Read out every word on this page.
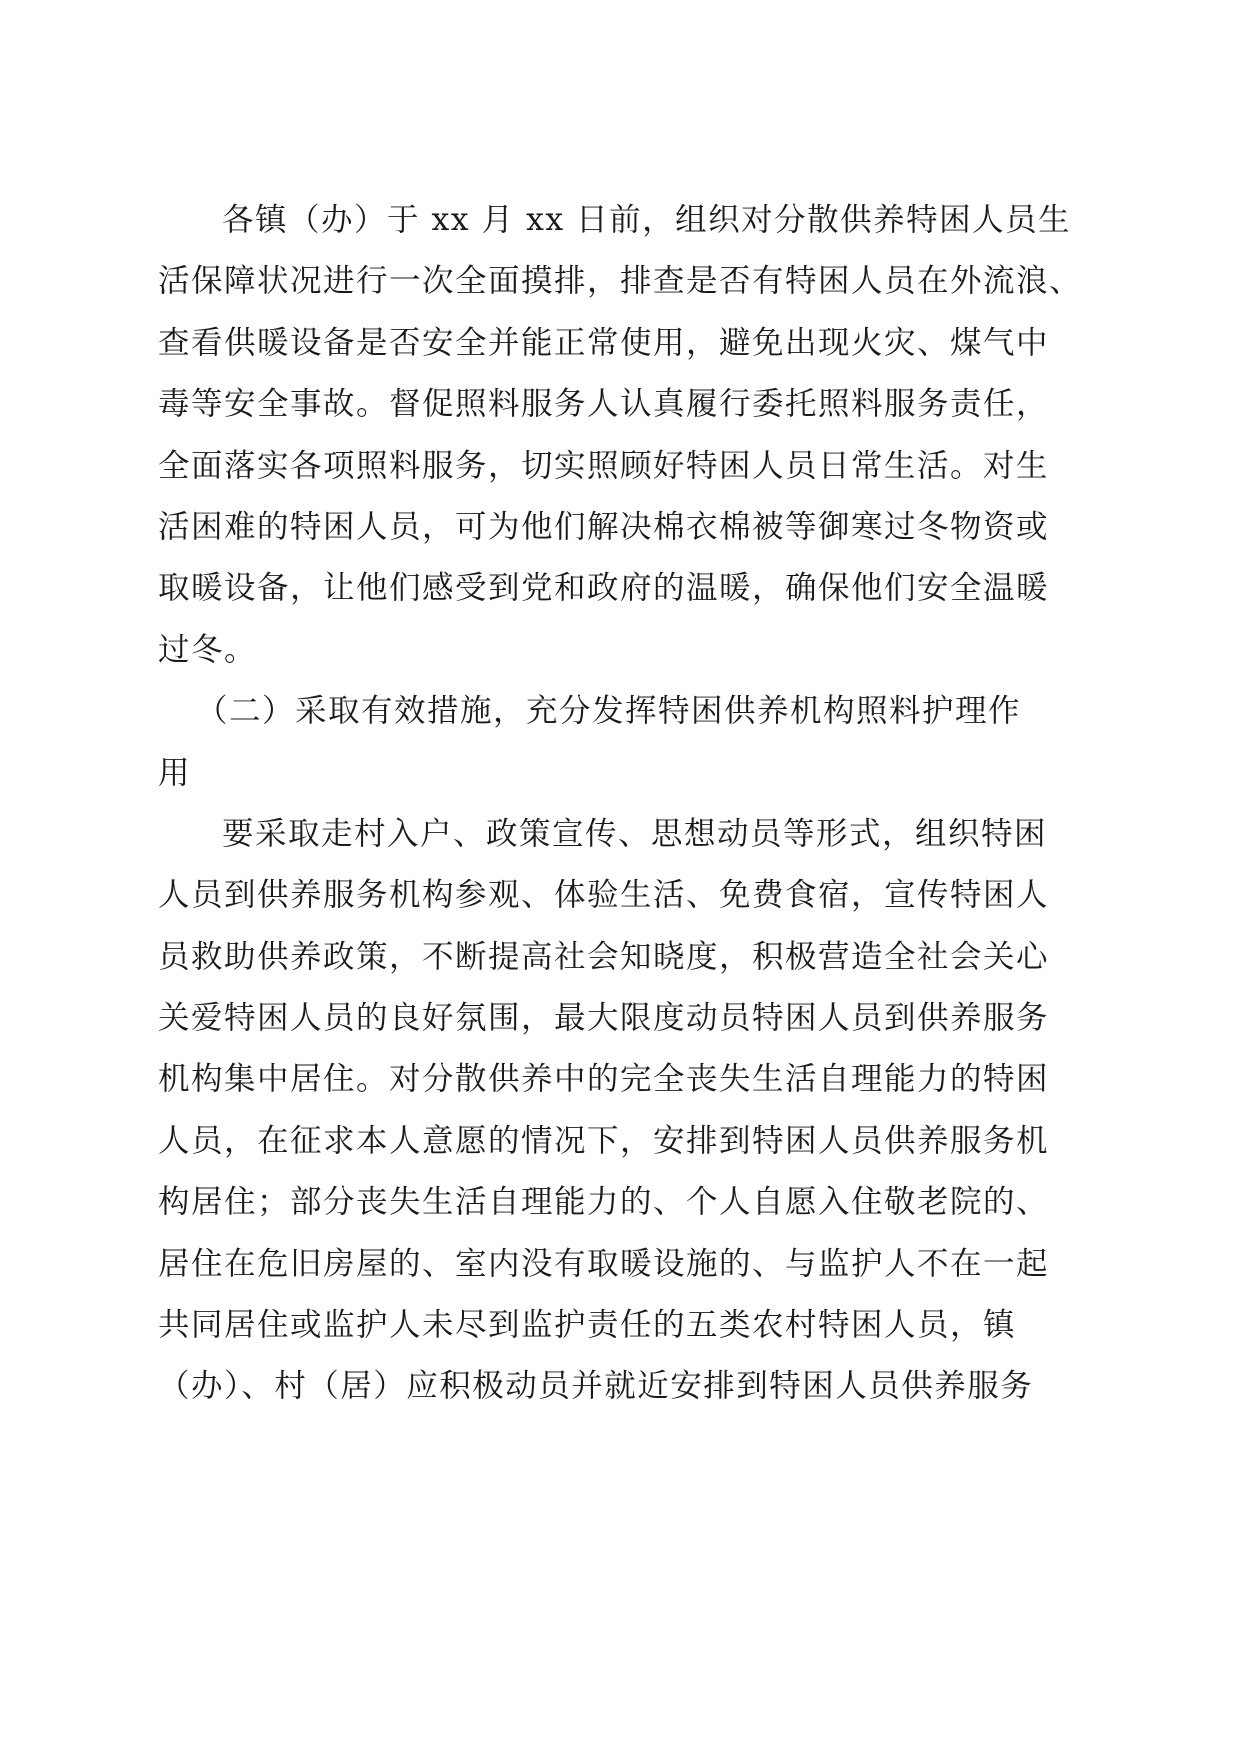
各镇（办）于 xx 月 xx 日前，组织对分散供养特困人员生
活保障状况进行一次全面摸排，排查是否有特困人员在外流浪、
查看供暖设备是否安全并能正常使用，避免出现火灾、煤气中
毒等安全事故。督促照料服务人认真履行委托照料服务责任，
全面落实各项照料服务，切实照顾好特困人员日常生活。对生
活困难的特困人员，可为他们解决棉衣棉被等御寒过冬物资或
取暖设备，让他们感受到党和政府的温暖，确保他们安全温暖
过冬。
（二）采取有效措施，充分发挥特困供养机构照料护理作
用
要采取走村入户、政策宣传、思想动员等形式，组织特困
人员到供养服务机构参观、体验生活、免费食宿，宣传特困人
员救助供养政策，不断提高社会知晓度，积极营造全社会关心
关爱特困人员的良好氛围，最大限度动员特困人员到供养服务
机构集中居住。对分散供养中的完全丧失生活自理能力的特困
人员，在征求本人意愿的情况下，安排到特困人员供养服务机
构居住；部分丧失生活自理能力的、个人自愿入住敬老院的、
居住在危旧房屋的、室内没有取暖设施的、与监护人不在一起
共同居住或监护人未尽到监护责任的五类农村特困人员，镇
（办）、村（居）应积极动员并就近安排到特困人员供养服务
